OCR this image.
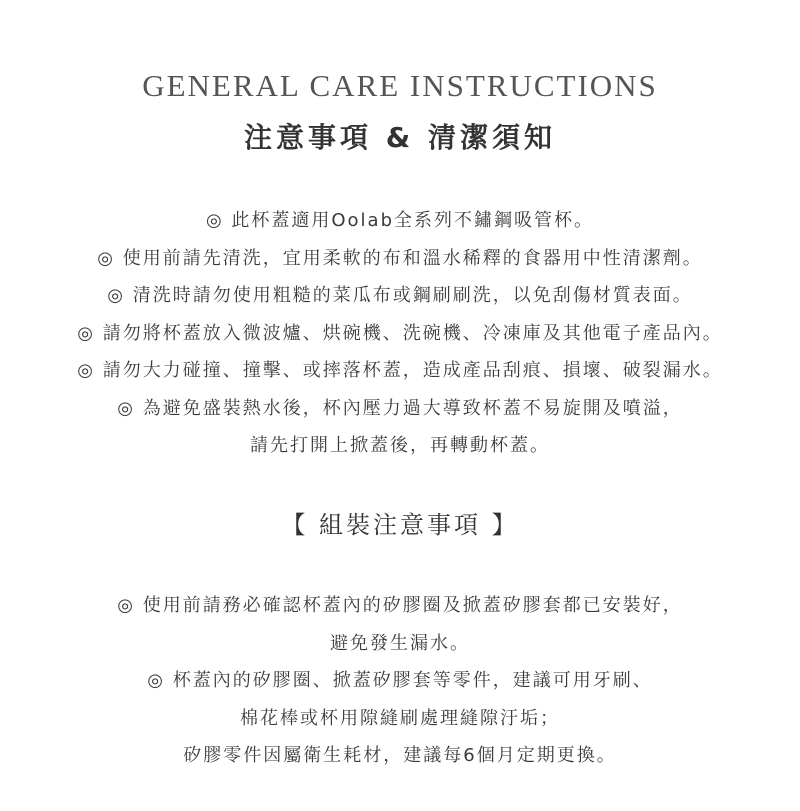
GENERAL CARE INSTRUCTIONS
注意事項 & 清潔須知
◎ 此杯蓋適用Oolab全系列不鏽鋼吸管杯。
◎ 使用前請先清洗，宜用柔軟的布和溫水稀釋的食器用中性清潔劑。
◎ 清洗時請勿使用粗糙的菜瓜布或鋼刷刷洗，以免刮傷材質表面。
◎ 請勿將杯蓋放入微波爐、烘碗機、洗碗機、冷凍庫及其他電子產品內。
◎ 請勿大力碰撞、撞擊、或摔落杯蓋，造成產品刮痕、損壞、破裂漏水。
◎ 為避免盛裝熱水後，杯內壓力過大導致杯蓋不易旋開及噴溢，
請先打開上掀蓋後，再轉動杯蓋。
【 組裝注意事項 】
◎ 使用前請務必確認杯蓋內的矽膠圈及掀蓋矽膠套都已安裝好，
避免發生漏水。
◎ 杯蓋內的矽膠圈、掀蓋矽膠套等零件，建議可用牙刷、
棉花棒或杯用隙縫刷處理縫隙汙垢；
矽膠零件因屬衛生耗材，建議每6個月定期更換。
